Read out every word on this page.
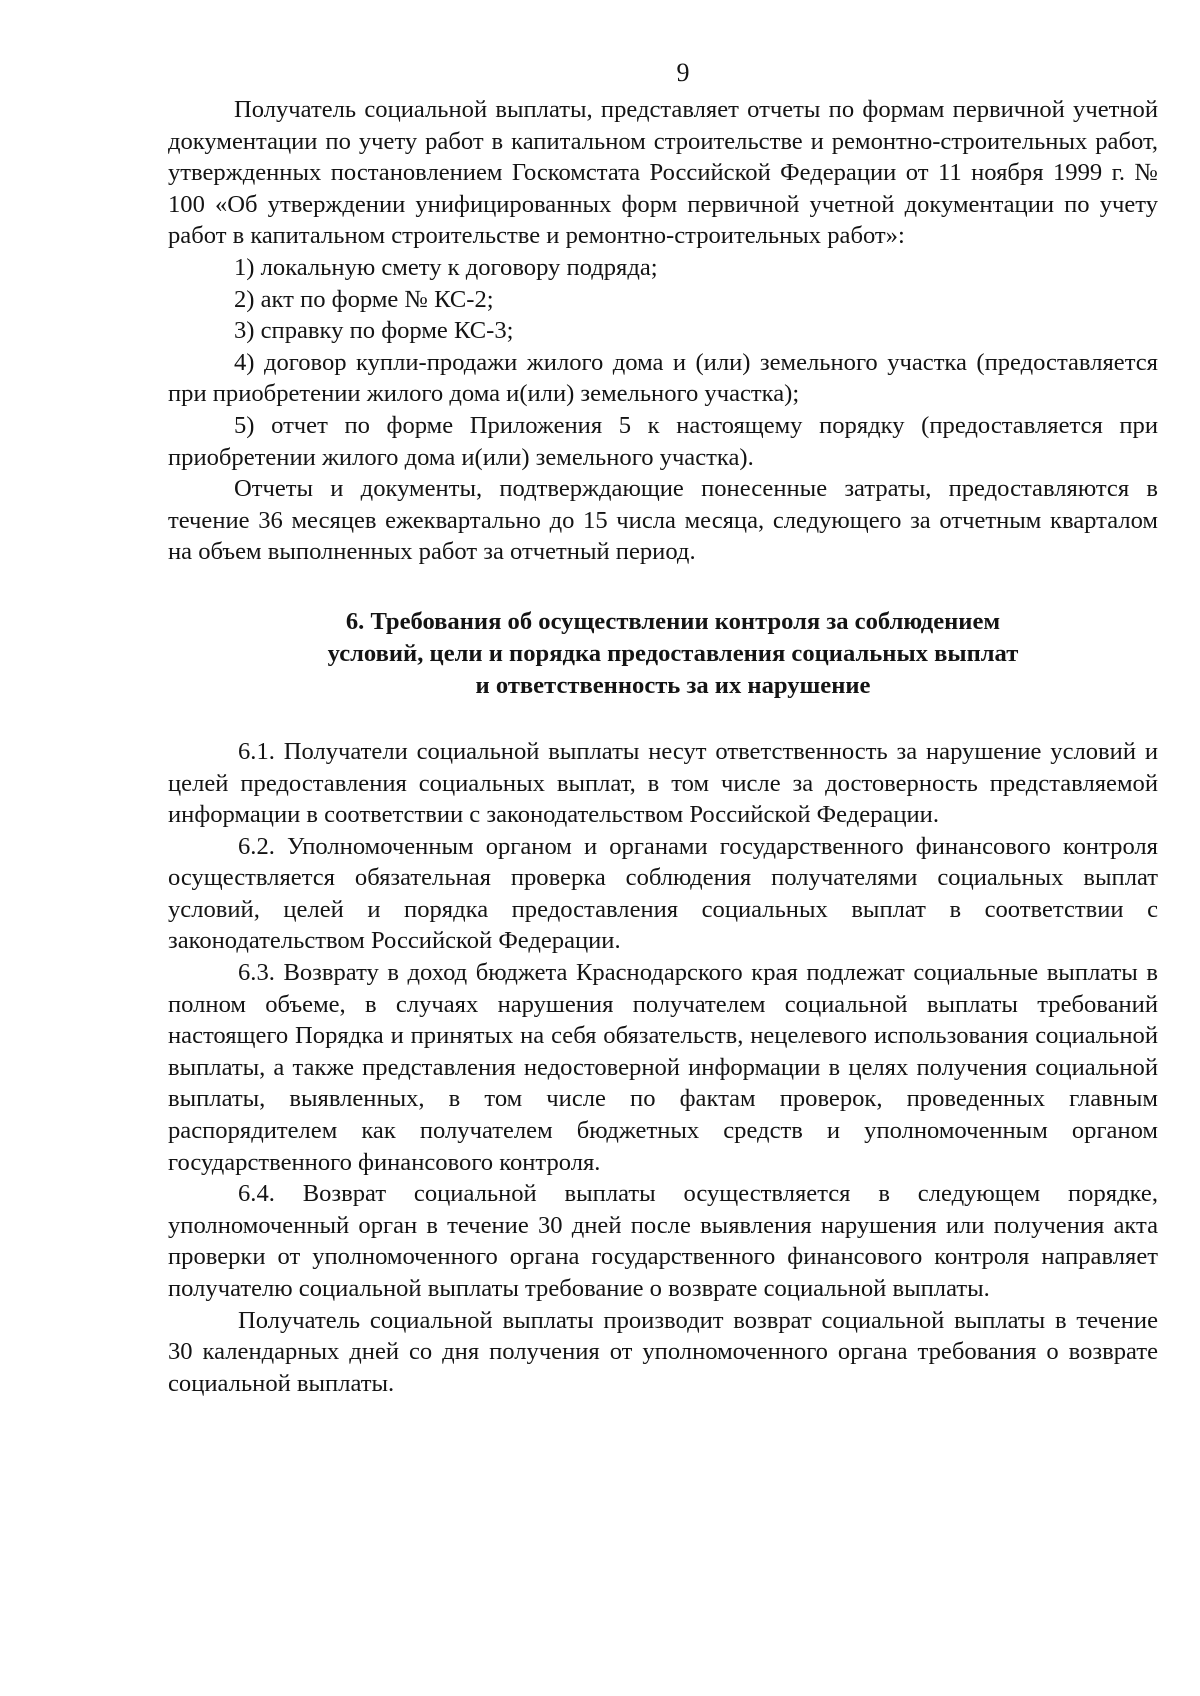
9

Получатель социальной выплаты, представляет отчеты по формам первичной учетной документации по учету работ в капитальном строительстве и ремонтно-строительных работ, утвержденных постановлением Госкомстата Российской Федерации от 11 ноября 1999 г. № 100 «Об утверждении унифицированных форм первичной учетной документации по учету работ в капитальном строительстве и ремонтно-строительных работ»:

1) локальную смету к договору подряда;

2) акт по форме № КС-2;

3) справку по форме КС-3;

4) договор купли-продажи жилого дома и (или) земельного участка (предоставляется при приобретении жилого дома и(или) земельного участка);

5) отчет по форме Приложения 5 к настоящему порядку (предоставляется при приобретении жилого дома и(или) земельного участка).

Отчеты и документы, подтверждающие понесенные затраты, предоставляются в течение 36 месяцев ежеквартально до 15 числа месяца, следующего за отчетным кварталом на объем выполненных работ за отчетный период.

6. Требования об осуществлении контроля за соблюдением
условий, цели и порядка предоставления социальных выплат
и ответственность за их нарушение

6.1. Получатели социальной выплаты несут ответственность за нарушение условий и целей предоставления социальных выплат, в том числе за достоверность представляемой информации в соответствии с законодательством Российской Федерации.

6.2. Уполномоченным органом и органами государственного финансового контроля осуществляется обязательная проверка соблюдения получателями социальных выплат условий, целей и порядка предоставления социальных выплат в соответствии с законодательством Российской Федерации.

6.3. Возврату в доход бюджета Краснодарского края подлежат социальные выплаты в полном объеме, в случаях нарушения получателем социальной выплаты требований настоящего Порядка и принятых на себя обязательств, нецелевого использования социальной выплаты, а также представления недостоверной информации в целях получения социальной выплаты, выявленных, в том числе по фактам проверок, проведенных главным распорядителем как получателем бюджетных средств и уполномоченным органом государственного финансового контроля.

6.4. Возврат социальной выплаты осуществляется в следующем порядке, уполномоченный орган в течение 30 дней после выявления нарушения или получения акта проверки от уполномоченного органа государственного финансового контроля направляет получателю социальной выплаты требование о возврате социальной выплаты.

Получатель социальной выплаты производит возврат социальной выплаты в течение 30 календарных дней со дня получения от уполномоченного органа требования о возврате социальной выплаты.
